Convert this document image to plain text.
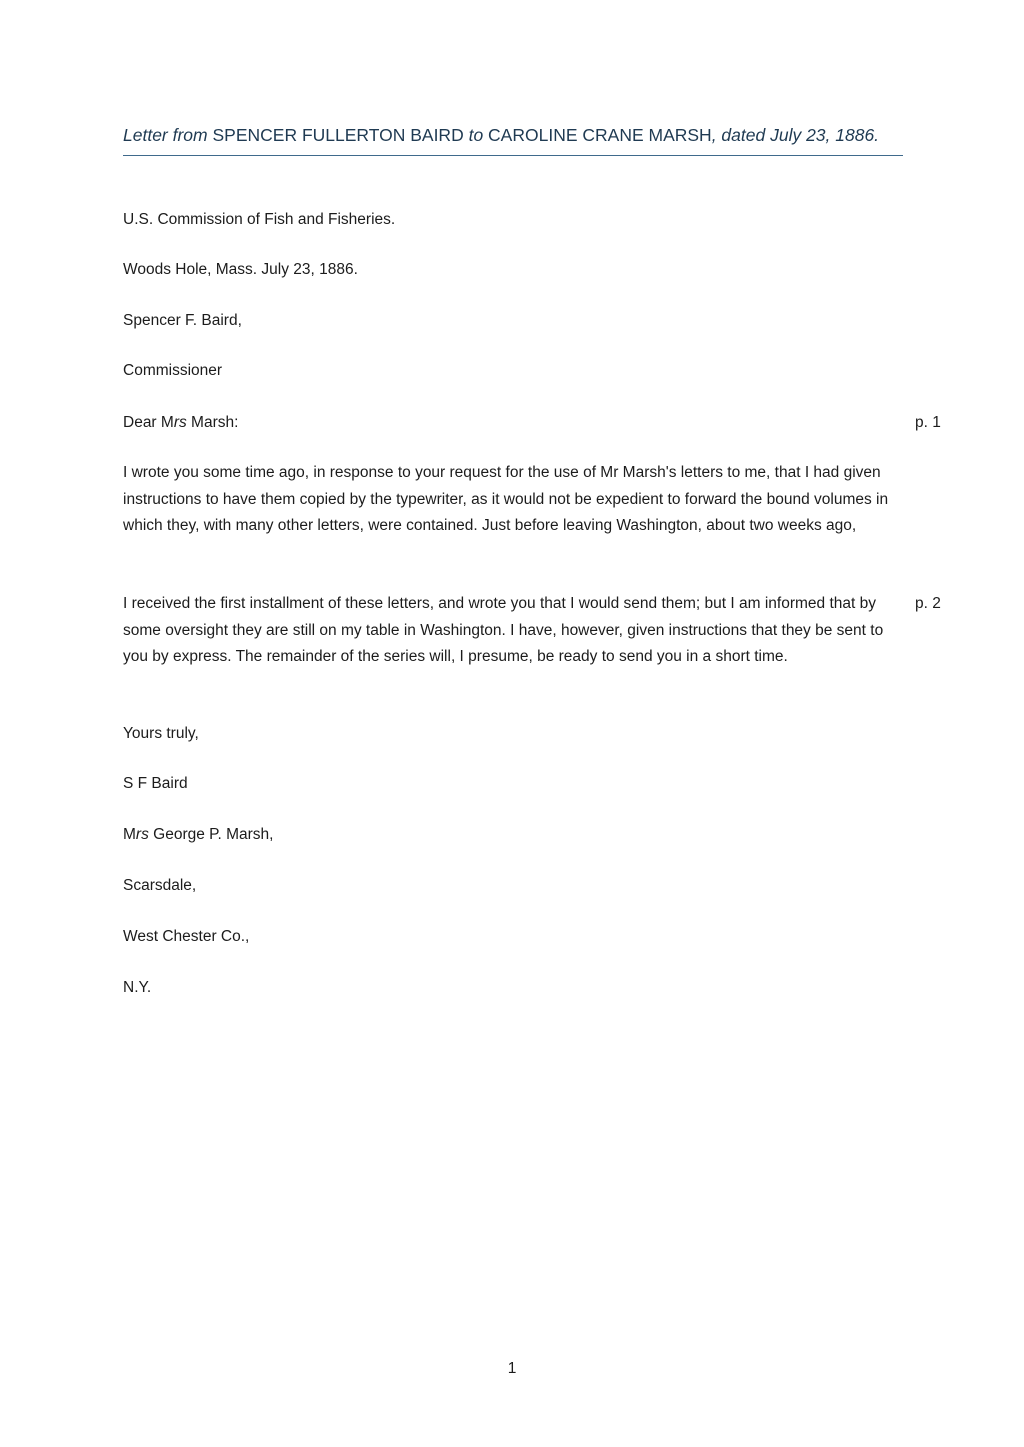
Letter from SPENCER FULLERTON BAIRD to CAROLINE CRANE MARSH, dated July 23, 1886.

U.S. Commission of Fish and Fisheries.

Woods Hole, Mass. July 23, 1886.

Spencer F. Baird,

Commissioner

Dear Mrs Marsh:	p. 1

I wrote you some time ago, in response to your request for the use of Mr Marsh's letters to me, that I had given instructions to have them copied by the typewriter, as it would not be expedient to forward the bound volumes in which they, with many other letters, were contained. Just before leaving Washington, about two weeks ago,

I received the first installment of these letters, and wrote you that I would send them; but I am informed that by some oversight they are still on my table in Washington. I have, however, given instructions that they be sent to you by express. The remainder of the series will, I presume, be ready to send you in a short time.

p. 2

Yours truly,

S F Baird

Mrs George P. Marsh,

Scarsdale,

West Chester Co.,

N.Y.

1
